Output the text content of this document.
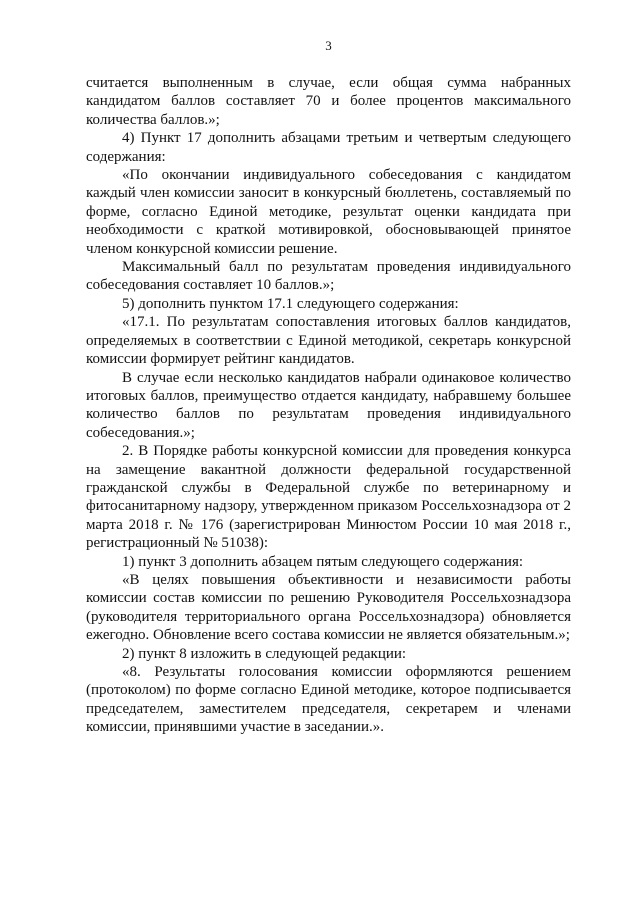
3

считается выполненным в случае, если общая сумма набранных кандидатом баллов составляет 70 и более процентов максимального количества баллов.»;

4) Пункт 17 дополнить абзацами третьим и четвертым следующего содержания:

«По окончании индивидуального собеседования с кандидатом каждый член комиссии заносит в конкурсный бюллетень, составляемый по форме, согласно Единой методике, результат оценки кандидата при необходимости с краткой мотивировкой, обосновывающей принятое членом конкурсной комиссии решение.

Максимальный балл по результатам проведения индивидуального собеседования составляет 10 баллов.»;

5) дополнить пунктом 17.1 следующего содержания:

«17.1. По результатам сопоставления итоговых баллов кандидатов, определяемых в соответствии с Единой методикой, секретарь конкурсной комиссии формирует рейтинг кандидатов.

В случае если несколько кандидатов набрали одинаковое количество итоговых баллов, преимущество отдается кандидату, набравшему большее количество баллов по результатам проведения индивидуального собеседования.»;

2. В Порядке работы конкурсной комиссии для проведения конкурса на замещение вакантной должности федеральной государственной гражданской службы в Федеральной службе по ветеринарному и фитосанитарному надзору, утвержденном приказом Россельхознадзора от 2 марта 2018 г. № 176 (зарегистрирован Минюстом России 10 мая 2018 г., регистрационный № 51038):

1) пункт 3 дополнить абзацем пятым следующего содержания:

«В целях повышения объективности и независимости работы комиссии состав комиссии по решению Руководителя Россельхознадзора (руководителя территориального органа Россельхознадзора) обновляется ежегодно. Обновление всего состава комиссии не является обязательным.»;

2) пункт 8 изложить в следующей редакции:

«8. Результаты голосования комиссии оформляются решением (протоколом) по форме согласно Единой методике, которое подписывается председателем, заместителем председателя, секретарем и членами комиссии, принявшими участие в заседании.».
